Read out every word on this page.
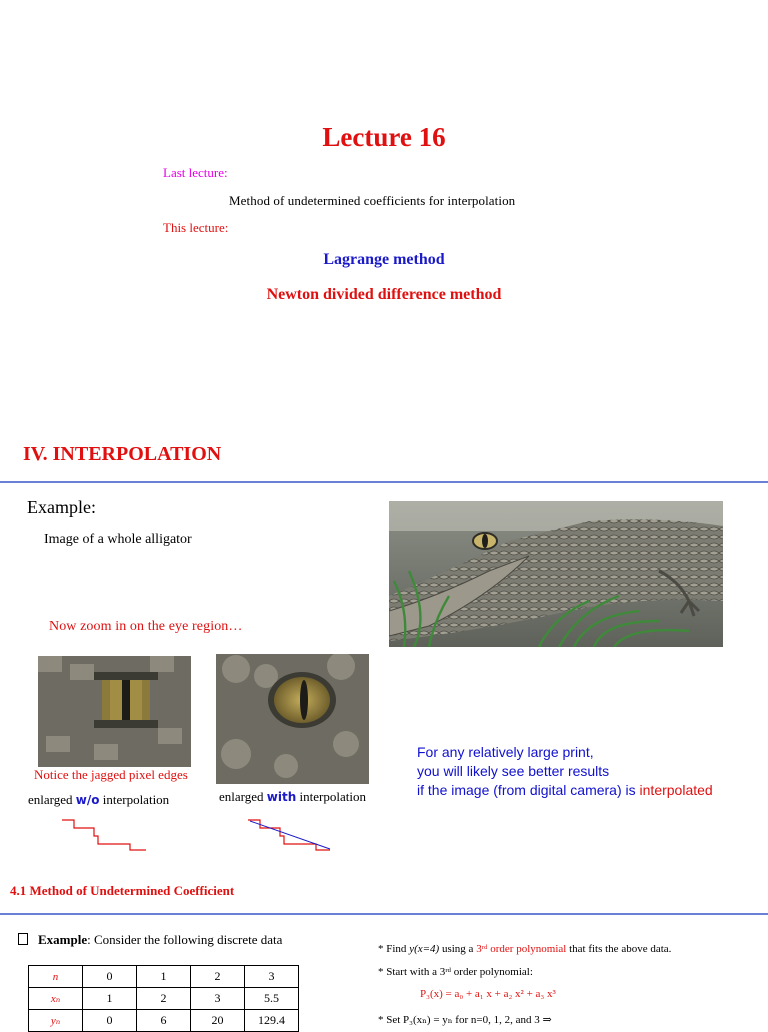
Lecture 16
Last lecture:
Method of undetermined coefficients for interpolation
This lecture:
Lagrange method
Newton divided difference method
IV. INTERPOLATION
Example:
Image of a whole alligator
Now zoom in on the eye region…
Notice the jagged pixel edges
enlarged w/o interpolation	enlarged with interpolation
For any relatively large print,
you will likely see better results
if the image (from digital camera) is interpolated
4.1 Method of Undetermined Coefficient
Example: Consider the following discrete data
n	0	1	2	3
xₙ	1	2	3	5.5
yₙ	0	6	20	129.4
* Find y(x=4) using a 3ʳᵈ order polynomial that fits the above data.
* Start with a 3ʳᵈ order polynomial:
P₃(x) = a₀ + a₁ x + a₂ x² + a₃ x³
* Set P₃(xₙ) = yₙ for n=0, 1, 2, and 3 ⇒
